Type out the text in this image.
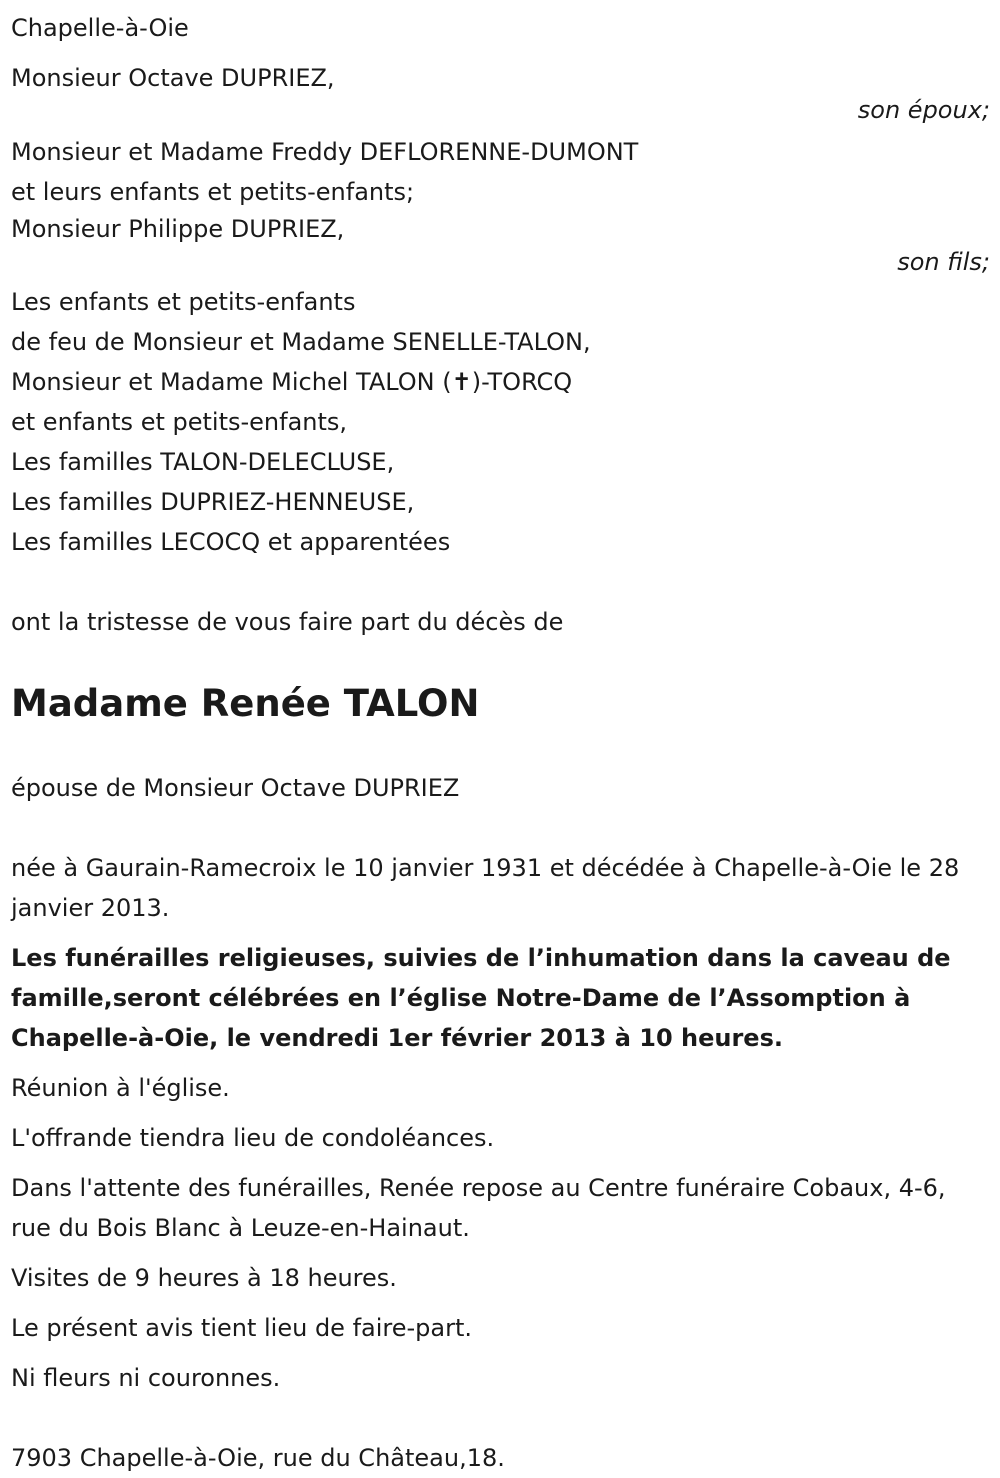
Chapelle-à-Oie
Monsieur Octave DUPRIEZ,
son époux;
Monsieur et Madame Freddy DEFLORENNE-DUMONT
et leurs enfants et petits-enfants;
Monsieur Philippe DUPRIEZ,
son fils;
Les enfants et petits-enfants
de feu de Monsieur et Madame SENELLE-TALON,
Monsieur et Madame Michel TALON (✝)-TORCQ
et enfants et petits-enfants,
Les familles TALON-DELECLUSE,
Les familles DUPRIEZ-HENNEUSE,
Les familles LECOCQ et apparentées
ont la tristesse de vous faire part du décès de
Madame Renée TALON
épouse de Monsieur Octave DUPRIEZ

née à Gaurain-Ramecroix le 10 janvier 1931 et décédée à Chapelle-à-Oie le 28 janvier 2013.

Les funérailles religieuses, suivies de l’inhumation dans la caveau de famille,seront célébrées en l’église Notre-Dame de l’Assomption à Chapelle-à-Oie, le vendredi 1er février 2013 à 10 heures.

Réunion à l'église.

L'offrande tiendra lieu de condoléances.

Dans l'attente des funérailles, Renée repose au Centre funéraire Cobaux, 4-6, rue du Bois Blanc à Leuze-en-Hainaut.

Visites de 9 heures à 18 heures.

Le présent avis tient lieu de faire-part.

Ni fleurs ni couronnes.

7903 Chapelle-à-Oie, rue du Château,18.
